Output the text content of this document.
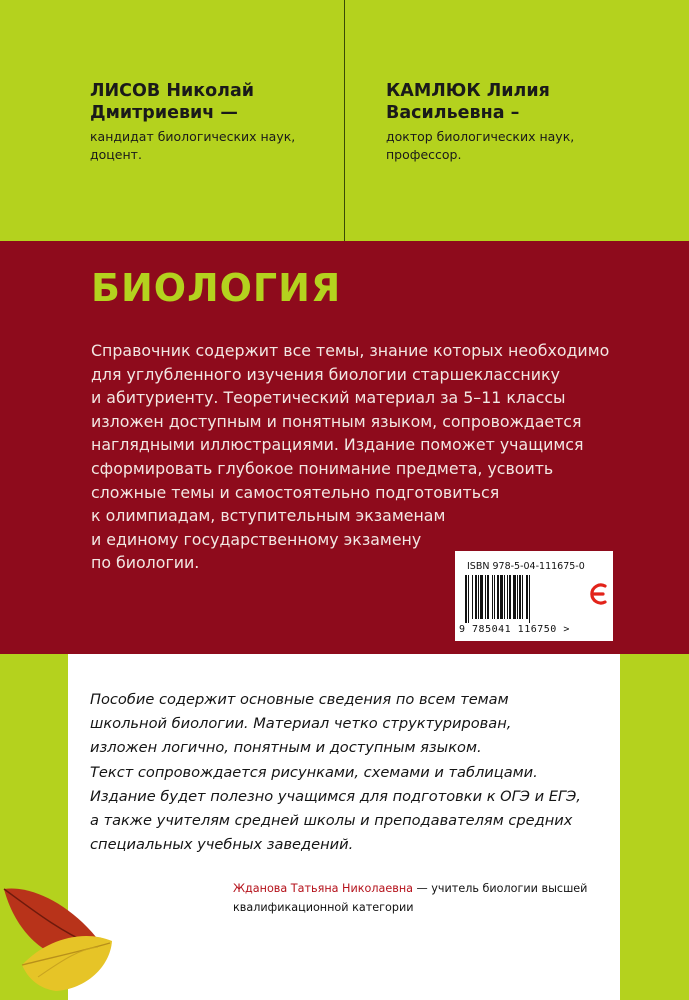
ЛИСОВ Николай
Дмитриевич —

кандидат биологических наук,
доцент.

КАМЛЮК Лилия
Васильевна –

доктор биологических наук,
профессор.
БИОЛОГИЯ
Справочник содержит все темы, знание которых необходимо
для углубленного изучения биологии старшекласснику
и абитуриенту. Теоретический материал за 5–11 классы
изложен доступным и понятным языком, сопровождается
наглядными иллюстрациями. Издание поможет учащимся
сформировать глубокое понимание предмета, усвоить
сложные темы и самостоятельно подготовиться
к олимпиадам, вступительным экзаменам
и единому государственному экзамену
по биологии.	ISBN 978-5-04-111675-0
9 785041 116750 >
Пособие содержит основные сведения по всем темам
школьной биологии. Материал четко структурирован,
изложен логично, понятным и доступным языком.
Текст сопровождается рисунками, схемами и таблицами.
Издание будет полезно учащимся для подготовки к ОГЭ и ЕГЭ,
а также учителям средней школы и преподавателям средних
специальных учебных заведений.
Жданова Татьяна Николаевна — учитель биологии высшей
квалификационной категории
